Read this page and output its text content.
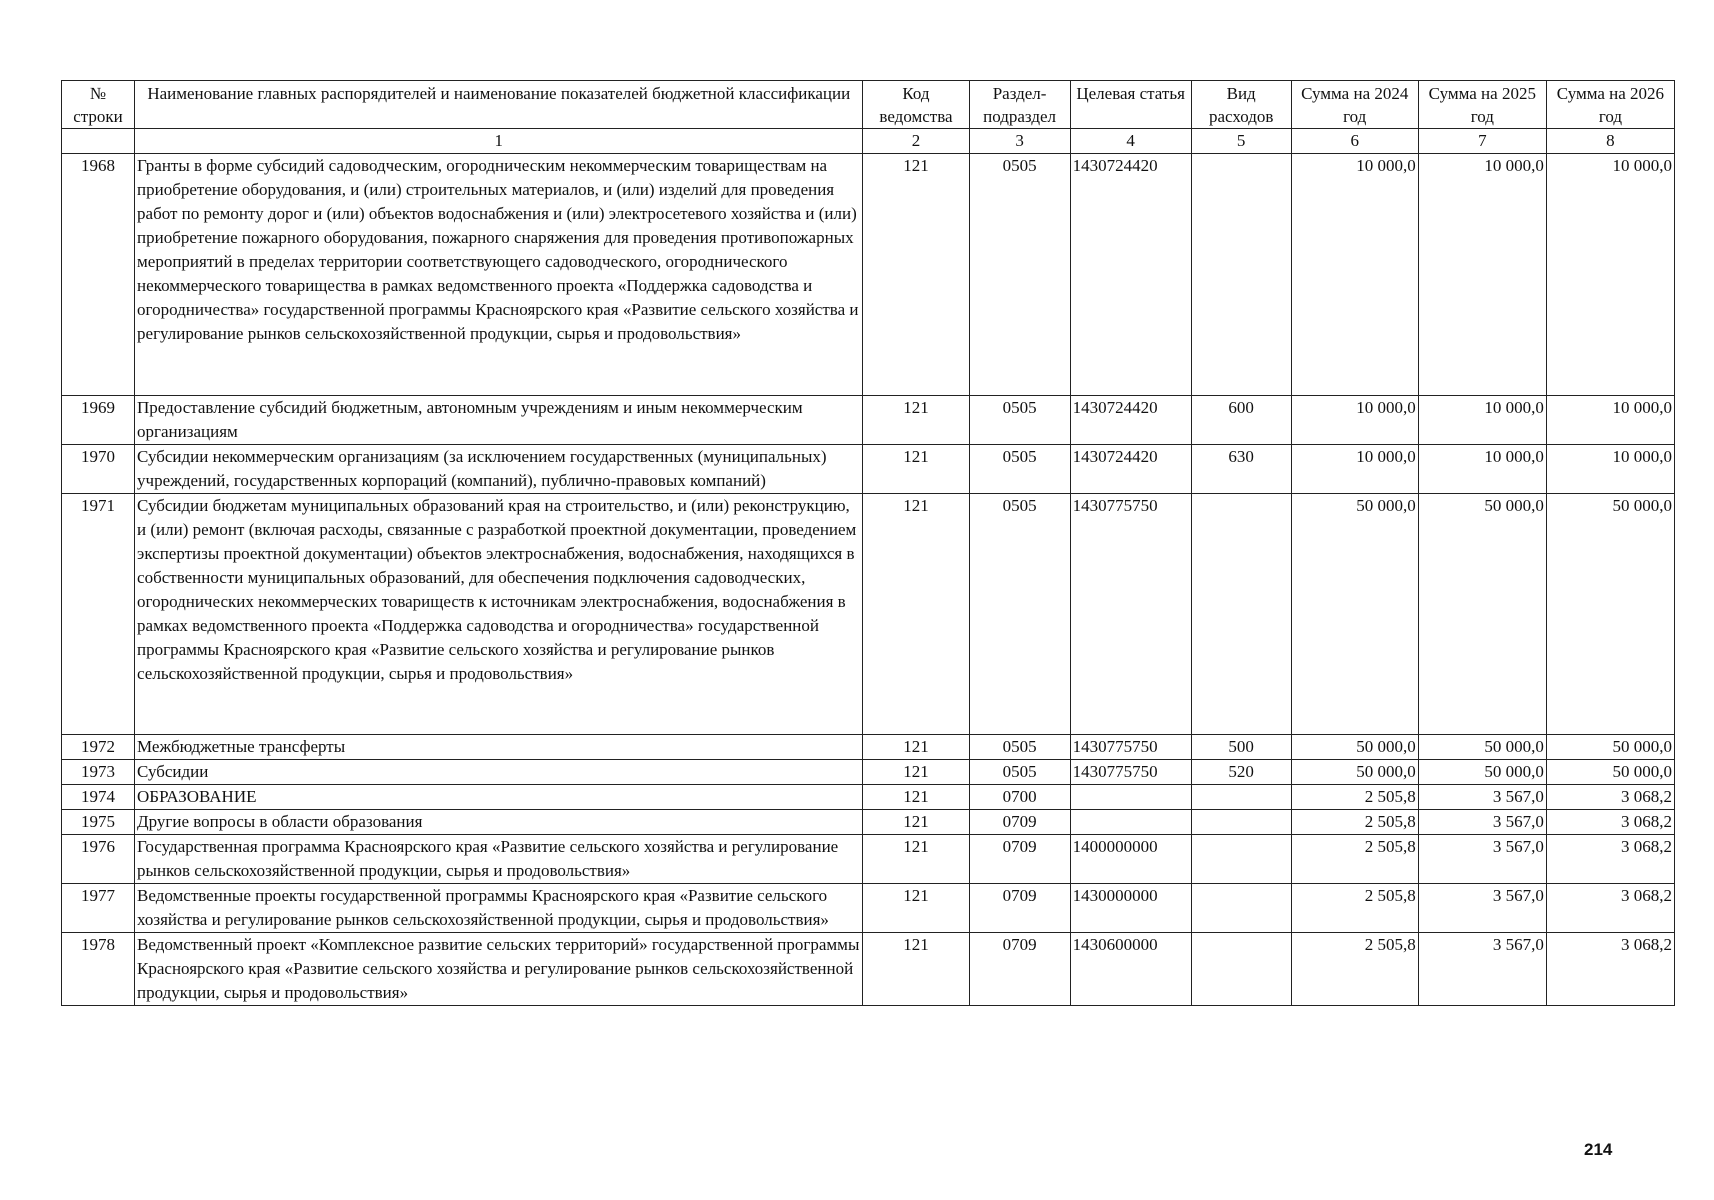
№ строки	Наименование главных распорядителей и наименование показателей бюджетной классификации	Код ведомства	Раздел-подраздел	Целевая статья	Вид расходов	Сумма на 2024 год	Сумма на 2025 год	Сумма на 2026 год
	1	2	3	4	5	6	7	8
1968	Гранты в форме субсидий садоводческим, огородническим некоммерческим товариществам на приобретение оборудования, и (или) строительных материалов, и (или) изделий для проведения работ по ремонту дорог и (или) объектов водоснабжения и (или) электросетевого хозяйства и (или) приобретение пожарного оборудования, пожарного снаряжения для проведения противопожарных мероприятий в пределах территории соответствующего садоводческого, огороднического некоммерческого товарищества в рамках ведомственного проекта «Поддержка садоводства и огородничества» государственной программы Красноярского края «Развитие сельского хозяйства и регулирование рынков сельскохозяйственной продукции, сырья и продовольствия»	121	0505	1430724420		10 000,0	10 000,0	10 000,0
1969	Предоставление субсидий бюджетным, автономным учреждениям и иным некоммерческим организациям	121	0505	1430724420	600	10 000,0	10 000,0	10 000,0
1970	Субсидии некоммерческим организациям (за исключением государственных (муниципальных) учреждений, государственных корпораций (компаний), публично-правовых компаний)	121	0505	1430724420	630	10 000,0	10 000,0	10 000,0
1971	Субсидии бюджетам муниципальных образований края на строительство, и (или) реконструкцию, и (или) ремонт (включая расходы, связанные с разработкой проектной документации, проведением экспертизы проектной документации) объектов электроснабжения, водоснабжения, находящихся в собственности муниципальных образований, для обеспечения подключения садоводческих, огороднических некоммерческих товариществ к источникам электроснабжения, водоснабжения в рамках ведомственного проекта «Поддержка садоводства и огородничества» государственной программы Красноярского края «Развитие сельского хозяйства и регулирование рынков сельскохозяйственной продукции, сырья и продовольствия»	121	0505	1430775750		50 000,0	50 000,0	50 000,0
1972	Межбюджетные трансферты	121	0505	1430775750	500	50 000,0	50 000,0	50 000,0
1973	Субсидии	121	0505	1430775750	520	50 000,0	50 000,0	50 000,0
1974	ОБРАЗОВАНИЕ	121	0700			2 505,8	3 567,0	3 068,2
1975	Другие вопросы в области образования	121	0709			2 505,8	3 567,0	3 068,2
1976	Государственная программа Красноярского края «Развитие сельского хозяйства и регулирование рынков сельскохозяйственной продукции, сырья и продовольствия»	121	0709	1400000000		2 505,8	3 567,0	3 068,2
1977	Ведомственные проекты государственной программы Красноярского края «Развитие сельского хозяйства и регулирование рынков сельскохозяйственной продукции, сырья и продовольствия»	121	0709	1430000000		2 505,8	3 567,0	3 068,2
1978	Ведомственный проект «Комплексное развитие сельских территорий» государственной программы Красноярского края «Развитие сельского хозяйства и регулирование рынков сельскохозяйственной продукции, сырья и продовольствия»	121	0709	1430600000		2 505,8	3 567,0	3 068,2
214
